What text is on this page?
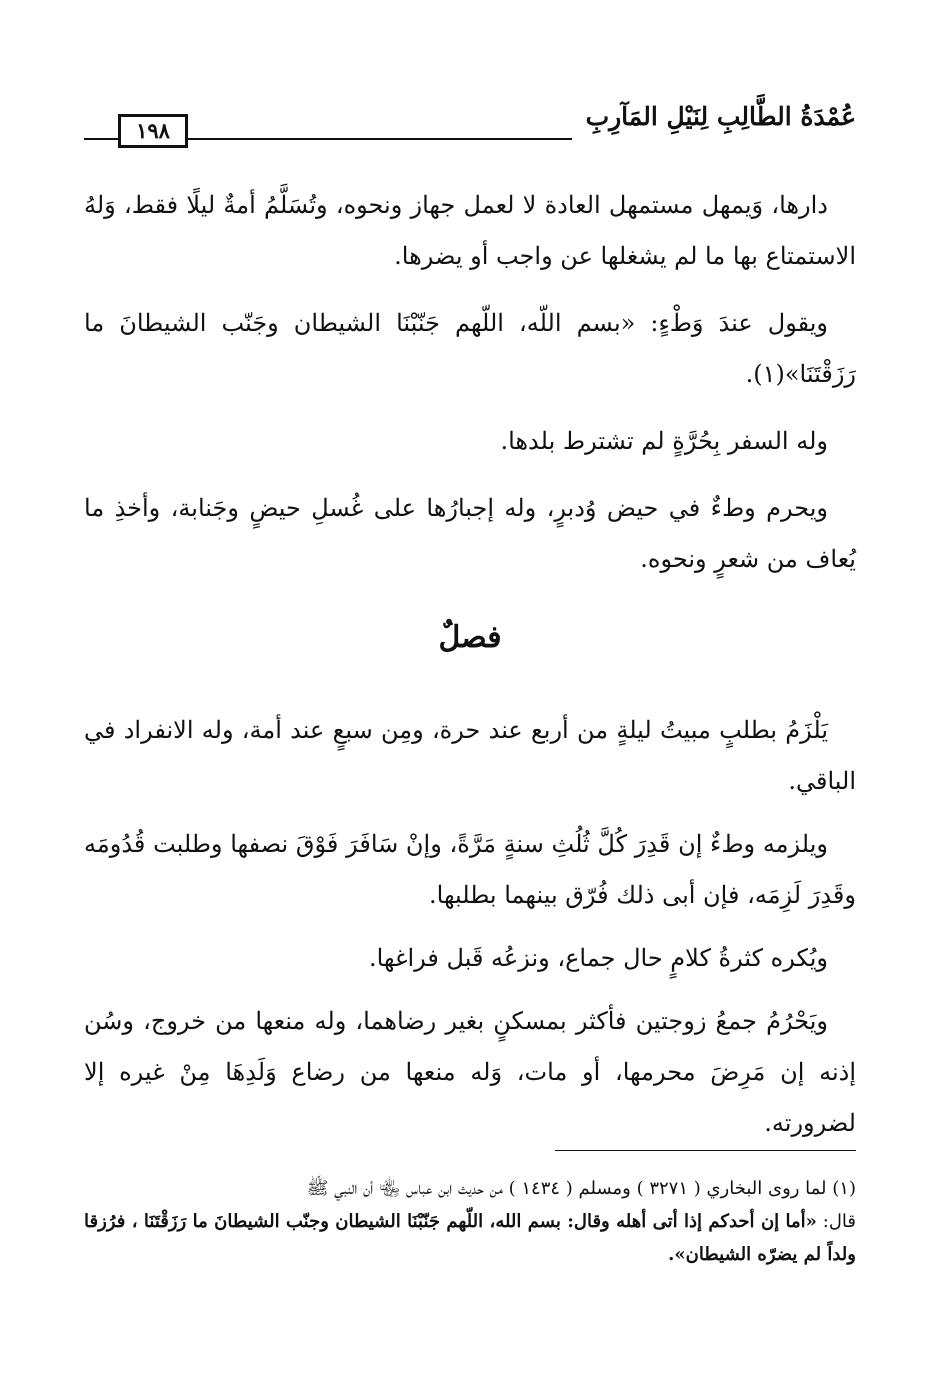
عُمْدَةُ الطَّالِبِ لِنَيْلِ المَآرِبِ
١٩٨

دارها، وَيمهل مستمهل العادة لا لعمل جهاز ونحوه، وتُسَلَّمُ أمةٌ ليلًا فقط، وَلهُ الاستمتاع بها ما لم يشغلها عن واجب أو يضرها.

ويقول عندَ وَطْءٍ: «بسم اللّه، اللّهم جَنّبْنَا الشيطان وجَنّب الشيطانَ ما رَزَقْتَنَا»(١).

وله السفر بِحُرَّةٍ لم تشترط بلدها.

ويحرم وطءٌ في حيض وُدبرٍ، وله إجبارُها على غُسلِ حيضٍ وجَنابة، وأخذِ ما يُعاف من شعرٍ ونحوه.

فصلٌ

يَلْزَمُ بطلبٍ مبيتُ ليلةٍ من أربع عند حرة، ومِن سبعٍ عند أمة، وله الانفراد في الباقي.

ويلزمه وطءٌ إن قَدِرَ كُلَّ ثُلُثِ سنةٍ مَرَّةً، وإنْ سَافَرَ فَوْقَ نصفها وطلبت قُدُومَه وقَدِرَ لَزِمَه، فإن أبى ذلك فُرّق بينهما بطلبها.

ويُكره كثرةُ كلامٍ حال جماع، ونزعُه قَبل فراغها.

ويَحْرُمُ جمعُ زوجتين فأكثر بمسكنٍ بغير رضاهما، وله منعها من خروج، وسُن إذنه إن مَرِضَ محرمها، أو مات، وَله منعها من رضاع وَلَدِهَا مِنْ غيره إلا لضرورته.

(١) لما روى البخاري ( ٣٢٧١ ) ومسلم ( ١٤٣٤ ) من حديث ابن عباس ﵄ أن النبي ﷺ

قال: «أما إن أحدكم إذا أتى أهله وقال: بسم الله، اللّهم جَنّبْنَا الشيطان وجنّب الشيطانَ ما رَزَقْتَنَا ، فرُزقا ولداً لم يضرّه الشيطان».
